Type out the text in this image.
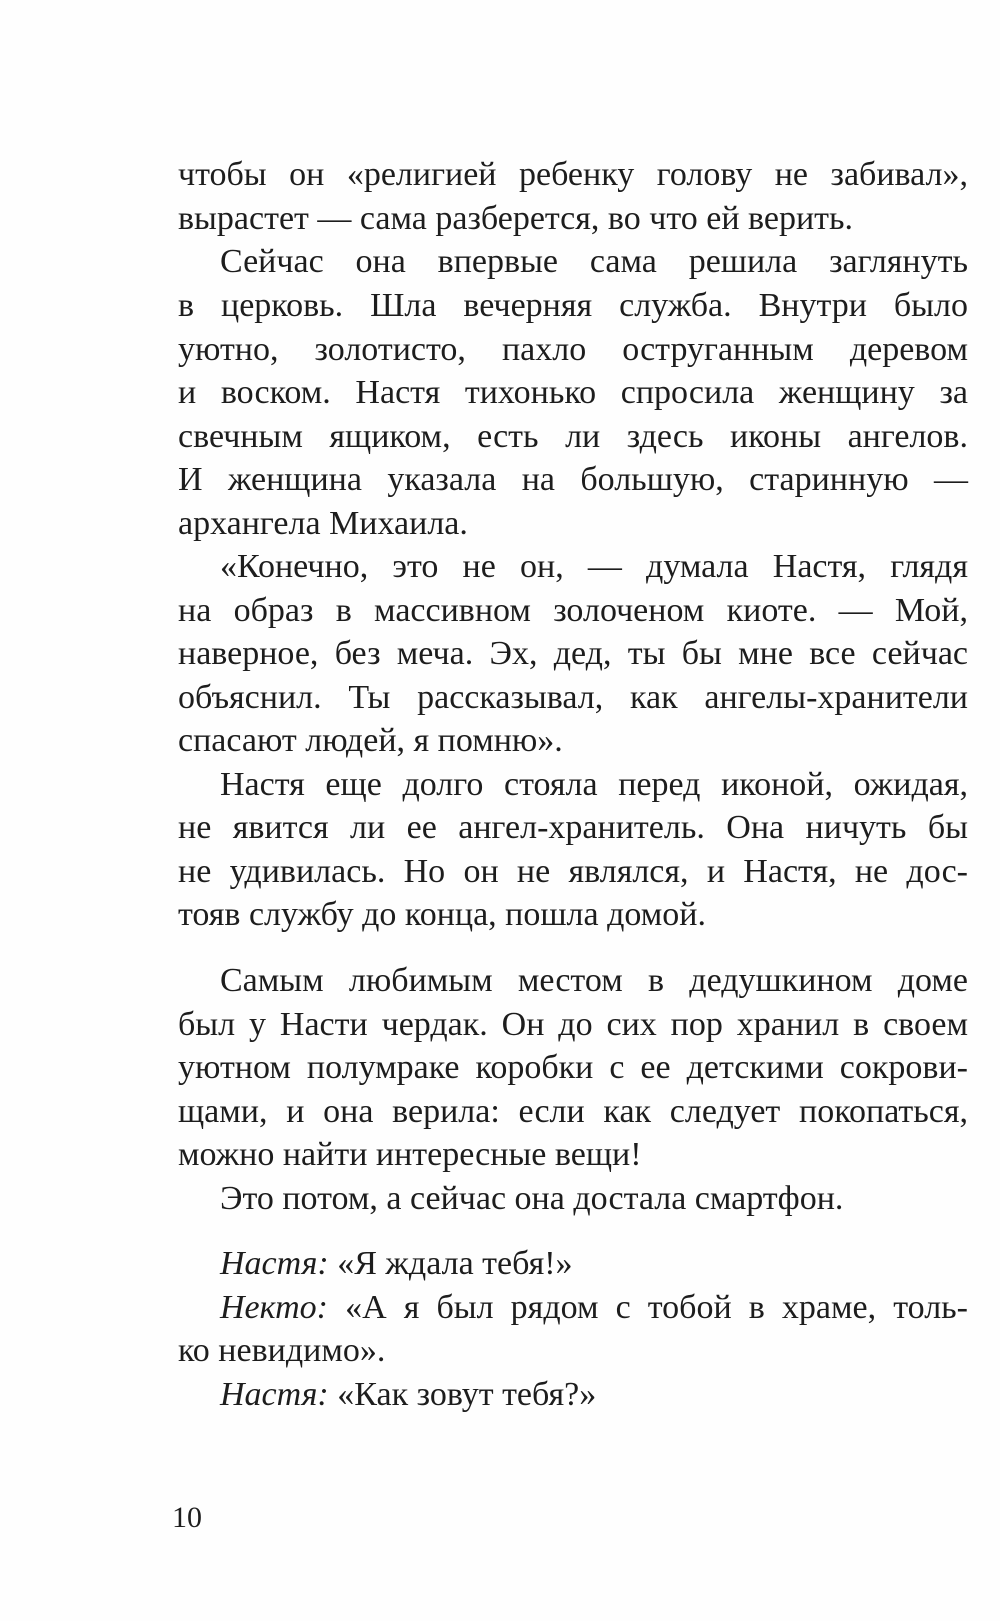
чтобы он «религией ребенку голову не забивал»,
вырастет — сама разберется, во что ей верить.
Сейчас она впервые сама решила заглянуть
в церковь. Шла вечерняя служба. Внутри было
уютно, золотисто, пахло оструганным деревом
и воском. Настя тихонько спросила женщину за
свечным ящиком, есть ли здесь иконы ангелов.
И женщина указала на большую, старинную —
архангела Михаила.
«Конечно, это не он, — думала Настя, глядя
на образ в массивном золоченом киоте. — Мой,
наверное, без меча. Эх, дед, ты бы мне все сейчас
объяснил. Ты рассказывал, как ангелы-хранители
спасают людей, я помню».
Настя еще долго стояла перед иконой, ожидая,
не явится ли ее ангел-хранитель. Она ничуть бы
не удивилась. Но он не являлся, и Настя, не дос-
тояв службу до конца, пошла домой.
Самым любимым местом в дедушкином доме
был у Насти чердак. Он до сих пор хранил в своем
уютном полумраке коробки с ее детскими сокрови-
щами, и она верила: если как следует покопаться,
можно найти интересные вещи!
Это потом, а сейчас она достала смартфон.
Настя: «Я ждала тебя!»
Некто: «А я был рядом с тобой в храме, толь-
ко невидимо».
Настя: «Как зовут тебя?»
10
